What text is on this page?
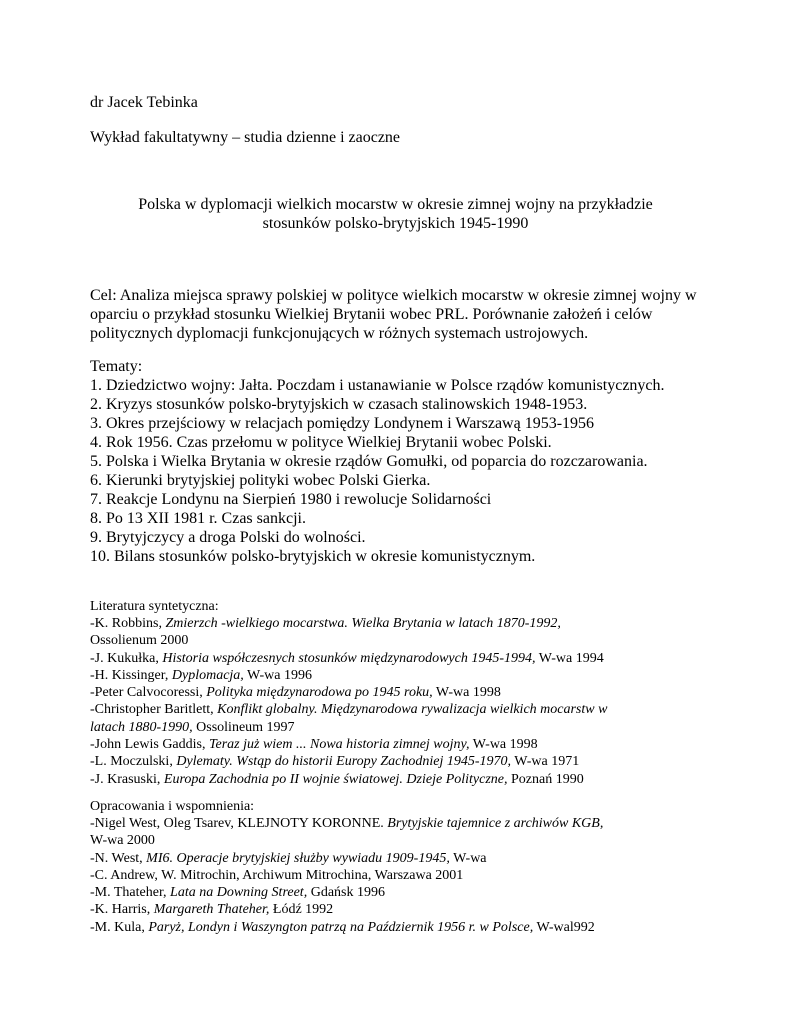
dr Jacek Tebinka
Wykład fakultatywny – studia dzienne i zaoczne
Polska w dyplomacji wielkich mocarstw w okresie zimnej wojny na przykładzie
stosunków polsko-brytyjskich 1945-1990
Cel: Analiza miejsca sprawy polskiej w polityce wielkich mocarstw w okresie zimnej wojny w
oparciu o przykład stosunku Wielkiej Brytanii wobec PRL. Porównanie założeń i celów
politycznych dyplomacji funkcjonujących w różnych systemach ustrojowych.
Tematy:
1. Dziedzictwo wojny: Jałta. Poczdam i ustanawianie w Polsce rządów komunistycznych.
2. Kryzys stosunków polsko-brytyjskich w czasach stalinowskich 1948-1953.
3. Okres przejściowy w relacjach pomiędzy Londynem i Warszawą 1953-1956
4. Rok 1956. Czas przełomu w polityce Wielkiej Brytanii wobec Polski.
5. Polska i Wielka Brytania w okresie rządów Gomułki, od poparcia do rozczarowania.
6. Kierunki brytyjskiej polityki wobec Polski Gierka.
7. Reakcje Londynu na Sierpień 1980 i rewolucje Solidarności
8. Po 13 XII 1981 r. Czas sankcji.
9. Brytyjczycy a droga Polski do wolności.
10. Bilans stosunków polsko-brytyjskich w okresie komunistycznym.
Literatura syntetyczna:
-K. Robbins, Zmierzch -wielkiego mocarstwa. Wielka Brytania w latach 1870-1992,
Ossolienum 2000
-J. Kukułka, Historia współczesnych stosunków międzynarodowych 1945-1994, W-wa 1994
-H. Kissinger, Dyplomacja, W-wa 1996
-Peter Calvocoressi, Polityka międzynarodowa po 1945 roku, W-wa 1998
-Christopher Baritlett, Konflikt globalny. Międzynarodowa rywalizacja wielkich mocarstw w
latach 1880-1990, Ossolineum 1997
-John Lewis Gaddis, Teraz już wiem ... Nowa historia zimnej wojny, W-wa 1998
-L. Moczulski, Dylematy. Wstąp do historii Europy Zachodniej 1945-1970, W-wa 1971
-J. Krasuski, Europa Zachodnia po II wojnie światowej. Dzieje Polityczne, Poznań 1990
Opracowania i wspomnienia:
-Nigel West, Oleg Tsarev, KLEJNOTY KORONNE. Brytyjskie tajemnice z archiwów KGB,
W-wa 2000
-N. West, MI6. Operacje brytyjskiej służby wywiadu 1909-1945, W-wa
-C. Andrew, W. Mitrochin, Archiwum Mitrochina, Warszawa 2001
-M. Thateher, Lata na Downing Street, Gdańsk 1996
-K. Harris, Margareth Thateher, Łódź 1992
-M. Kula, Paryż, Londyn i Waszyngton patrzą na Październik 1956 r. w Polsce, W-wal992
